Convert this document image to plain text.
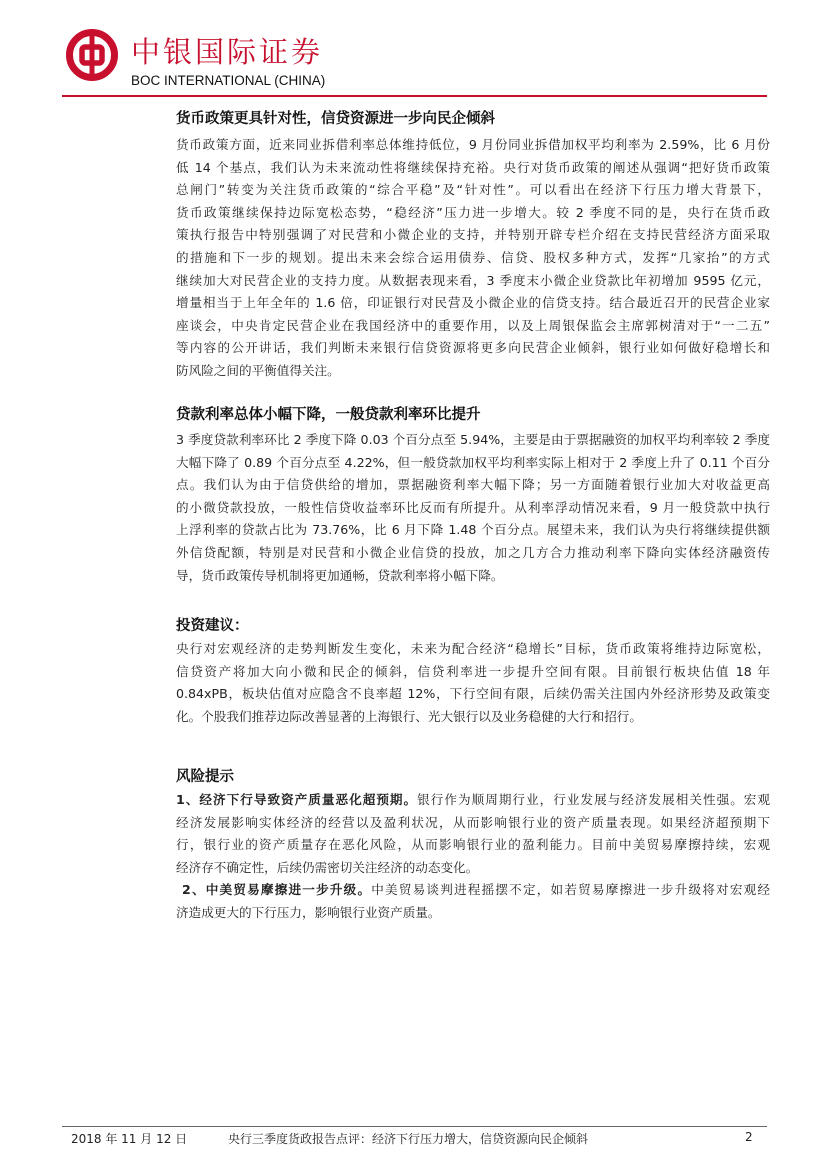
中银国际证券
BOC INTERNATIONAL (CHINA)
货币政策更具针对性，信贷资源进一步向民企倾斜
货币政策方面，近来同业拆借利率总体维持低位，9 月份同业拆借加权平均利率为 2.59%，比 6 月份
低 14 个基点，我们认为未来流动性将继续保持充裕。央行对货币政策的阐述从强调“把好货币政策
总闸门”转变为关注货币政策的“综合平稳”及“针对性”。可以看出在经济下行压力增大背景下，
货币政策继续保持边际宽松态势，“稳经济”压力进一步增大。较 2 季度不同的是，央行在货币政
策执行报告中特别强调了对民营和小微企业的支持，并特别开辟专栏介绍在支持民营经济方面采取
的措施和下一步的规划。提出未来会综合运用债券、信贷、股权多种方式，发挥“几家抬”的方式
继续加大对民营企业的支持力度。从数据表现来看，3 季度末小微企业贷款比年初增加 9595 亿元，
增量相当于上年全年的 1.6 倍，印证银行对民营及小微企业的信贷支持。结合最近召开的民营企业家
座谈会，中央肯定民营企业在我国经济中的重要作用，以及上周银保监会主席郭树清对于“一二五”
等内容的公开讲话，我们判断未来银行信贷资源将更多向民营企业倾斜，银行业如何做好稳增长和
防风险之间的平衡值得关注。
贷款利率总体小幅下降，一般贷款利率环比提升
3 季度贷款利率环比 2 季度下降 0.03 个百分点至 5.94%，主要是由于票据融资的加权平均利率较 2 季度
大幅下降了 0.89 个百分点至 4.22%，但一般贷款加权平均利率实际上相对于 2 季度上升了 0.11 个百分
点。我们认为由于信贷供给的增加，票据融资利率大幅下降；另一方面随着银行业加大对收益更高
的小微贷款投放，一般性信贷收益率环比反而有所提升。从利率浮动情况来看，9 月一般贷款中执行
上浮利率的贷款占比为 73.76%，比 6 月下降 1.48 个百分点。展望未来，我们认为央行将继续提供额
外信贷配额，特别是对民营和小微企业信贷的投放，加之几方合力推动利率下降向实体经济融资传
导，货币政策传导机制将更加通畅，贷款利率将小幅下降。
投资建议：
央行对宏观经济的走势判断发生变化，未来为配合经济“稳增长”目标，货币政策将维持边际宽松，
信贷资产将加大向小微和民企的倾斜，信贷利率进一步提升空间有限。目前银行板块估值 18 年
0.84xPB，板块估值对应隐含不良率超 12%，下行空间有限，后续仍需关注国内外经济形势及政策变
化。个股我们推荐边际改善显著的上海银行、光大银行以及业务稳健的大行和招行。
风险提示
1、经济下行导致资产质量恶化超预期。银行作为顺周期行业，行业发展与经济发展相关性强。宏观
经济发展影响实体经济的经营以及盈利状况，从而影响银行业的资产质量表现。如果经济超预期下
行，银行业的资产质量存在恶化风险，从而影响银行业的盈利能力。目前中美贸易摩擦持续，宏观
经济存不确定性，后续仍需密切关注经济的动态变化。
2、中美贸易摩擦进一步升级。中美贸易谈判进程摇摆不定，如若贸易摩擦进一步升级将对宏观经
济造成更大的下行压力，影响银行业资产质量。
2018 年 11 月 12 日	央行三季度货政报告点评：经济下行压力增大，信贷资源向民企倾斜	2
